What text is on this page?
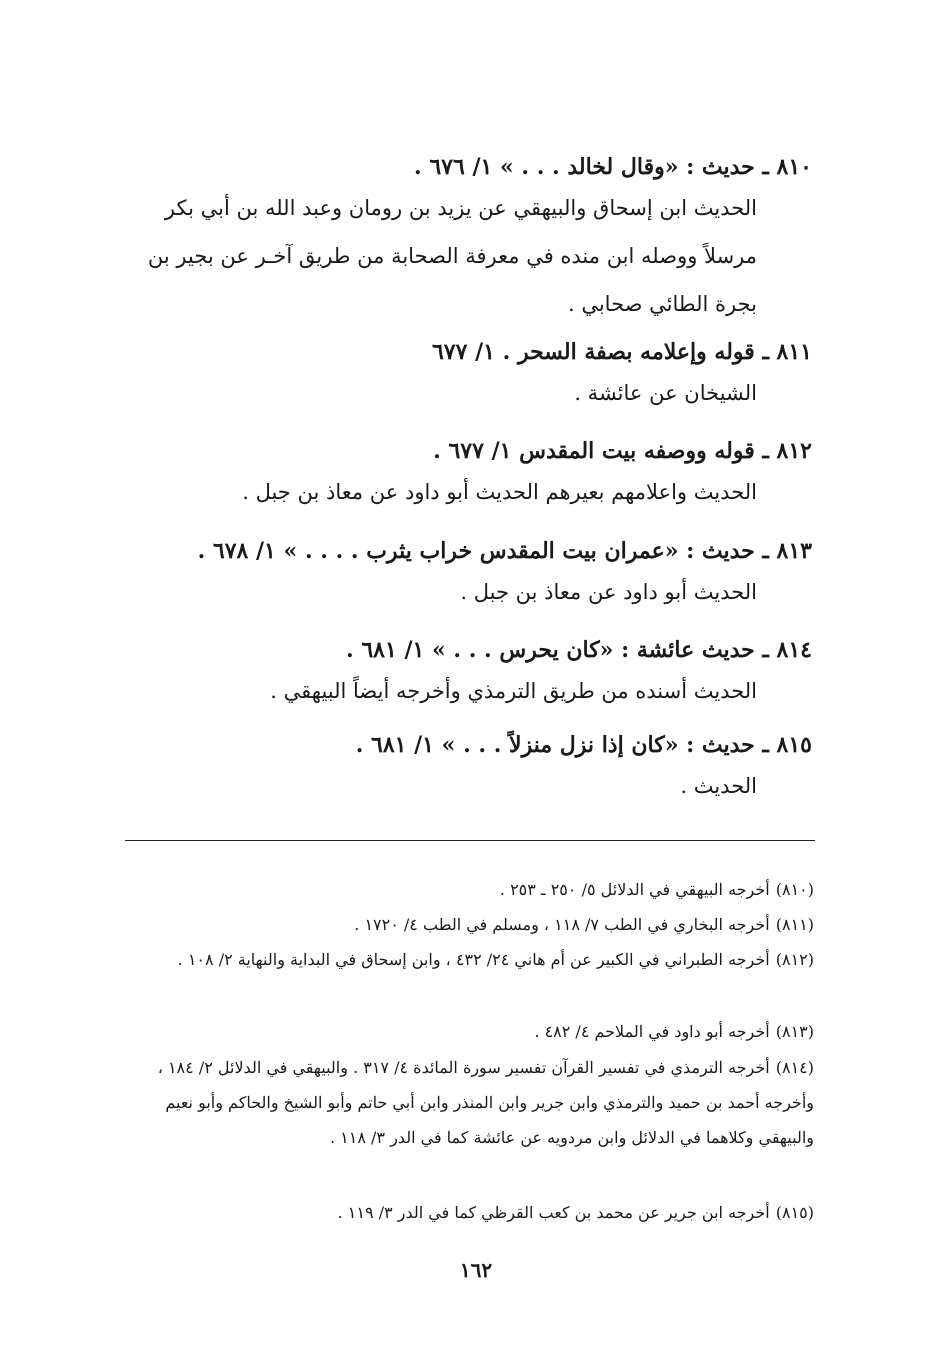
٨١٠ ـ حديث : «وقال لخالد . . . » ١/ ٦٧٦ .
الحديث ابن إسحاق والبيهقي عن يزيد بن رومان وعبد الله بن أبي بكر مرسلاً ووصله ابن منده في معرفة الصحابة من طريق آخـر عن بجير بن بجرة الطائي صحابي .
٨١١ ـ قوله وإعلامه بصفة السحر . ١/ ٦٧٧
الشيخان عن عائشة .
٨١٢ ـ قوله ووصفه بيت المقدس ١/ ٦٧٧ .
الحديث واعلامهم بعيرهم الحديث أبو داود عن معاذ بن جبل .
٨١٣ ـ حديث : «عمران بيت المقدس خراب يثرب . . . . » ١/ ٦٧٨ .
الحديث أبو داود عن معاذ بن جبل .
٨١٤ ـ حديث عائشة : «كان يحرس . . . » ١/ ٦٨١ .
الحديث أسنده من طريق الترمذي وأخرجه أيضاً البيهقي .
٨١٥ ـ حديث : «كان إذا نزل منزلاً . . . » ١/ ٦٨١ .
الحديث .
(٨١٠)أخرجه البيهقي في الدلائل ٥/ ٢٥٠ ـ ٢٥٣ .
(٨١١)أخرجه البخاري في الطب ٧/ ١١٨ ، ومسلم في الطب ٤/ ١٧٢٠ .
(٨١٢)أخرجه الطبراني في الكبير عن أم هاني ٢٤/ ٤٣٢ ، وابن إسحاق في البداية والنهاية ٢/ ١٠٨ .
(٨١٣)أخرجه أبو داود في الملاحم ٤/ ٤٨٢ .
(٨١٤)أخرجه الترمذي في تفسير القرآن تفسير سورة المائدة ٤/ ٣١٧ . والبيهقي في الدلائل ٢/ ١٨٤ ، وأخرجه أحمد بن حميد والترمذي وابن جرير وابن المنذر وابن أبي حاتم وأبو الشيخ والحاكم وأبو نعيم والبيهقي وكلاهما في الدلائل وابن مردويه عن عائشة كما في الدر ٣/ ١١٨ .
(٨١٥)أخرجه ابن جرير عن محمد بن كعب القرظي كما في الدر ٣/ ١١٩ .
١٦٢
